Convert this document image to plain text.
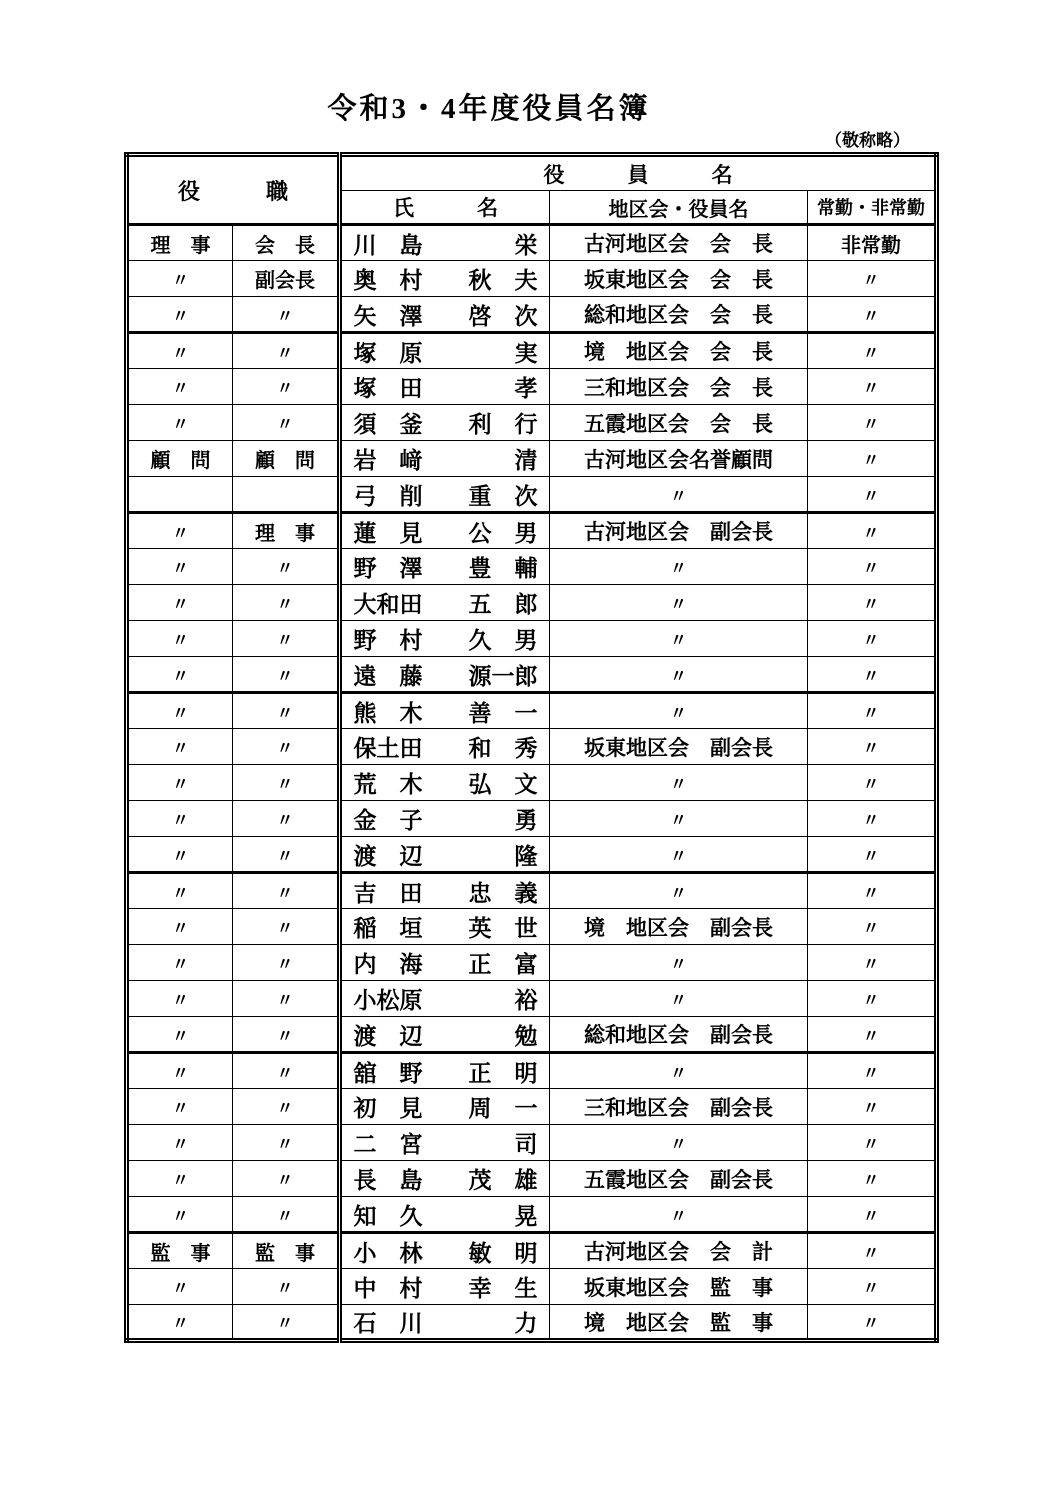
令和3・4年度役員名簿
（敬称略）
役　　　職		役　　　員　　　名		
		氏　　　名	地区会・役員名	常勤・非常勤
理　事	会　長	川　島　　　　栄	古河地区会　会　長	非常勤
〃	副会長	奥　村　　秋　夫	坂東地区会　会　長	〃
〃	〃	矢　澤　　啓　次	総和地区会　会　長	〃
〃	〃	塚　原　　　　実	境　地区会　会　長	〃
〃	〃	塚　田　　　　孝	三和地区会　会　長	〃
〃	〃	須　釜　　利　行	五霞地区会　会　長	〃
顧　問	顧　問	岩　﨑　　　　清	古河地区会名誉顧問	〃
		弓　削　　重　次	〃	〃
〃	理　事	蓮　見　　公　男	古河地区会　副会長	〃
〃	〃	野　澤　　豊　輔	〃	〃
〃	〃	大和田　　五　郎	〃	〃
〃	〃	野　村　　久　男	〃	〃
〃	〃	遠　藤　　源一郎	〃	〃
〃	〃	熊　木　　善　一	〃	〃
〃	〃	保土田　　和　秀	坂東地区会　副会長	〃
〃	〃	荒　木　　弘　文	〃	〃
〃	〃	金　子　　　　勇	〃	〃
〃	〃	渡　辺　　　　隆	〃	〃
〃	〃	吉　田　　忠　義	〃	〃
〃	〃	稲　垣　　英　世	境　地区会　副会長	〃
〃	〃	内　海　　正　富	〃	〃
〃	〃	小松原　　　　裕	〃	〃
〃	〃	渡　辺　　　　勉	総和地区会　副会長	〃
〃	〃	舘　野　　正　明	〃	〃
〃	〃	初　見　　周　一	三和地区会　副会長	〃
〃	〃	二　宮　　　　司	〃	〃
〃	〃	長　島　　茂　雄	五霞地区会　副会長	〃
〃	〃	知　久　　　　晃	〃	〃
監　事	監　事	小　林　　敏　明	古河地区会　会　計	〃
〃	〃	中　村　　幸　生	坂東地区会　監　事	〃
〃	〃	石　川　　　　力	境　地区会　監　事	〃
